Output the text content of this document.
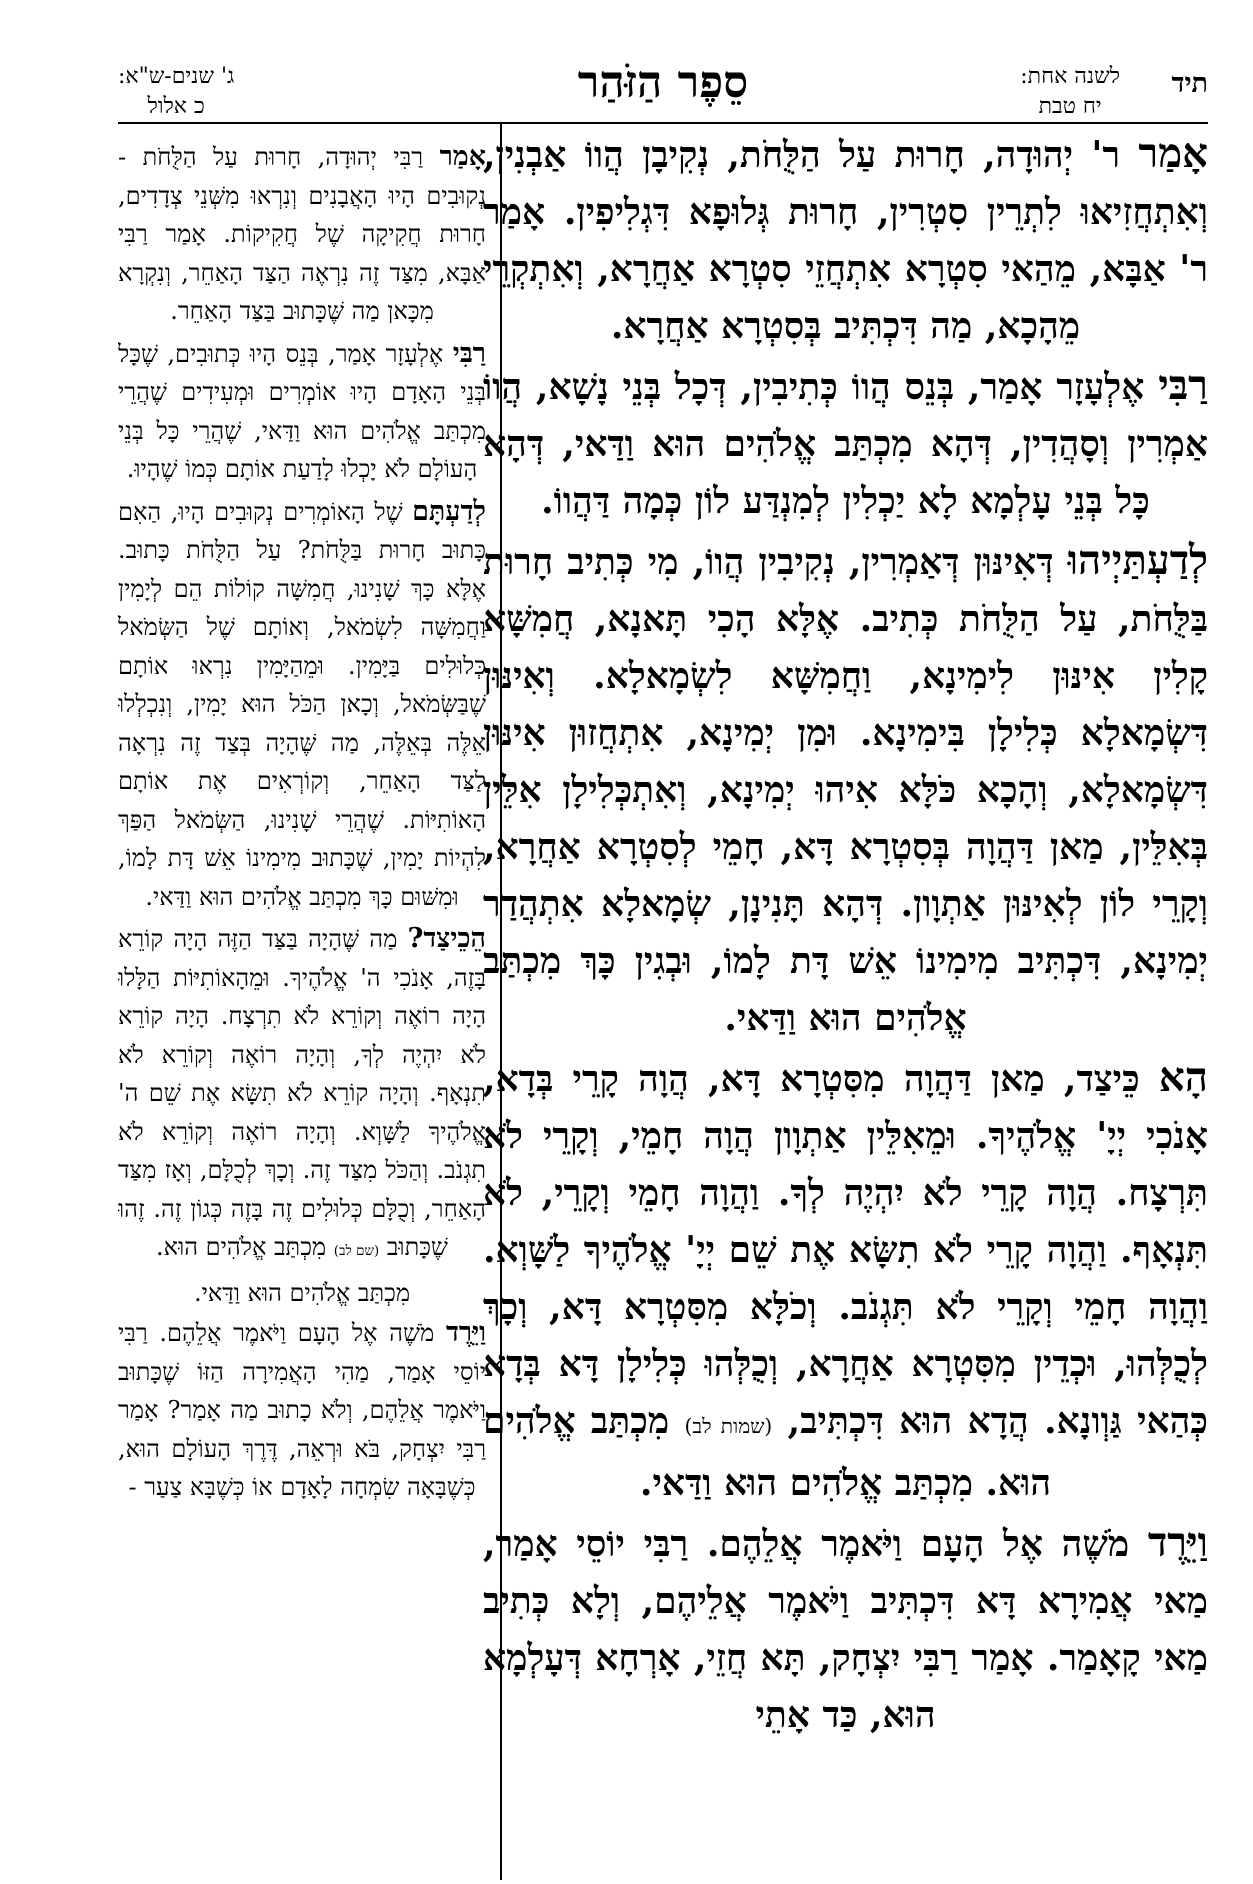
תיד
לשנה אחת:
יח טבת
סֵפֶר הַזֹּהַר
ג' שנים-ש"א:
כ אלול

אָמַר ר' יְהוּדָה, חָרוּת עַל הַלֻּחֹת, נְקִיבָן הֲווֹ אַבְנִין, וְאִתְחֲזִיאוּ לִתְרֵין סִטְרִין, חָרוּת גְּלוּפָא דִּגְלִיפִין. אָמַר ר' אַבָּא, מֵהַאי סִטְרָא אִתְחֲזֵי סִטְרָא אַחֲרָא, וְאִתְקְרֵי מֵהָכָא, מַה דִּכְתִּיב בְּסִטְרָא אַחֲרָא.

רַבִּי אֶלְעָזָר אָמַר, בְּנֵס הֲווֹ כְּתִיבִין, דְּכָל בְּנֵי נָשָׁא, הֲווֹ אַמְרִין וְסָהֲדִין, דְּהָא מִכְתַּב אֱלֹהִים הוּא וַדַּאי, דְּהָא כָּל בְּנֵי עָלְמָא לָא יַכְלִין לְמִנְדַּע לוֹן כְּמָה דַּהֲווֹ.

לְדַעְתַּיְיהוּ דְּאִינּוּן דְּאַמְרִין, נְקִיבִין הֲווֹ, מִי כְּתִיב חָרוּת בַּלֻּחֹת, עַל הַלֻּחֹת כְּתִיב. אֶלָּא הָכִי תָּאנָא, חֲמִשָּׁא קָלִין אִינּוּן לִימִינָא, וַחֲמִשָּׁא לִשְׂמָאלָא. וְאִינּוּן דִּשְׂמָאלָא כְּלִילָן בִּימִינָא. וּמִן יְמִינָא, אִתְחֲזוּן אִינּוּן דִּשְׂמָאלָא, וְהָכָא כֹּלָּא אִיהוּ יְמִינָא, וְאִתְכְּלִילָן אִלֵּין בְּאִלֵּין, מַאן דַּהֲוָה בְּסִטְרָא דָּא, חָמֵי לְסִטְרָא אַחֲרָא, וְקָרֵי לוֹן לְאִינּוּן אַתְוָון. דְּהָא תָּנִינָן, שְׂמָאלָא אִתְהֲדַר יְמִינָא, דִּכְתִּיב מִימִינוֹ אֵשׁ דָּת לָמוֹ, וּבְגִין כָּךְ מִכְתַּב אֱלֹהִים הוּא וַדַּאי.

הָא כֵּיצַד, מַאן דַּהֲוָה מִסִּטְרָא דָּא, הֲוָה קָרֵי בְּדָא, אָנֹכִי יְיָ' אֱלֹהֶיךָ. וּמֵאִלֵּין אַתְוָון הֲוָה חָמֵי, וְקָרֵי לֹא תִּרְצָח. הֲוָה קָרֵי לֹא יִהְיֶה לְךָ. וַהֲוָה חָמֵי וְקָרֵי, לֹא תִּנְאָף. וַהֲוָה קָרֵי לֹא תִשָּׂא אֶת שֵׁם יְיָ' אֱלֹהֶיךָ לַשָּׁוְא. וַהֲוָה חָמֵי וְקָרֵי לֹא תִּגְנֹב. וְכֹלָּא מִסִּטְרָא דָּא, וְכָךְ לְכֻלְּהוּ, וּכְדֵין מִסִּטְרָא אַחֲרָא, וְכֻלְּהוּ כְּלִילָן דָּא בְּדָא כְּהַאי גַּוְונָא. הֲדָא הוּא דִּכְתִּיב, (שמות לב) מִכְתַּב אֱלֹהִים הוּא. מִכְתַּב אֱלֹהִים הוּא וַדַּאי.

וַיֵּרֶד מֹשֶׁה אֶל הָעָם וַיֹּאמֶר אֲלֵהֶם. רַבִּי יוֹסֵי אָמַר, מַאי אֲמִירָא דָּא דִּכְתִּיב וַיֹּאמֶר אֲלֵיהֶם, וְלָא כְּתִיב מַאי קָאָמַר. אָמַר רַבִּי יִצְחָק, תָּא חֲזֵי, אָרְחָא דְּעָלְמָא הוּא, כַּד אָתֵי

אָמַר רַבִּי יְהוּדָה, חָרוּת עַל הַלֻּחֹת - נְקוּבִים הָיוּ הָאֲבָנִים וְנִרְאוּ מִשְּׁנֵי צְדָדִים, חָרוּת חֲקִיקָה שֶׁל חֲקִיקוֹת. אָמַר רַבִּי אַבָּא, מִצַּד זֶה נִרְאֶה הַצַּד הָאַחֵר, וְנִקְרָא מִכָּאן מַה שֶּׁכָּתוּב בַּצַּד הָאַחֵר.

רַבִּי אֶלְעָזָר אָמַר, בְּנֵס הָיוּ כְּתוּבִים, שֶׁכָּל בְּנֵי הָאָדָם הָיוּ אוֹמְרִים וּמְעִידִים שֶׁהֲרֵי מִכְתַּב אֱלֹהִים הוּא וַדַּאי, שֶׁהֲרֵי כָּל בְּנֵי הָעוֹלָם לֹא יָכְלוּ לָדַעַת אוֹתָם כְּמוֹ שֶׁהָיוּ.

לְדַעְתָּם שֶׁל הָאוֹמְרִים נְקוּבִים הָיוּ, הַאִם כָּתוּב חָרוּת בַּלֻּחֹת? עַל הַלֻּחֹת כָּתוּב. אֶלָּא כָּךְ שָׁנִינוּ, חֲמִשָּׁה קוֹלוֹת הֵם לְיָמִין וַחֲמִשָּׁה לִשְׂמֹאל, וְאוֹתָם שֶׁל הַשְּׂמֹאל כְּלוּלִים בַּיָּמִין. וּמֵהַיָּמִין נִרְאוּ אוֹתָם שֶׁבַּשְּׂמֹאל, וְכָאן הַכֹּל הוּא יָמִין, וְנִכְלְלוּ אֵלֶּה בְּאֵלֶּה, מַה שֶּׁהָיָה בְּצַד זֶה נִרְאָה לַצַּד הָאַחֵר, וְקוֹרְאִים אֶת אוֹתָם הָאוֹתִיּוֹת. שֶׁהֲרֵי שָׁנִינוּ, הַשְּׂמֹאל הַפַּךְ לִהְיוֹת יָמִין, שֶׁכָּתוּב מִימִינוֹ אֵשׁ דָּת לָמוֹ, וּמִשּׁוּם כָּךְ מִכְתַּב אֱלֹהִים הוּא וַדַּאי.

הֵכֵיצַד? מַה שֶּׁהָיָה בַּצַּד הַזֶּה הָיָה קוֹרֵא בָּזֶה, אָנֹכִי ה' אֱלֹהֶיךָ. וּמֵהָאוֹתִיּוֹת הַלָּלוּ הָיָה רוֹאֶה וְקוֹרֵא לֹא תִרְצָח. הָיָה קוֹרֵא לֹא יִהְיֶה לְךָ, וְהָיָה רוֹאֶה וְקוֹרֵא לֹא תִנְאָף. וְהָיָה קוֹרֵא לֹא תִשָּׂא אֶת שֵׁם ה' אֱלֹהֶיךָ לַשָּׁוְא. וְהָיָה רוֹאֶה וְקוֹרֵא לֹא תִגְנֹב. וְהַכֹּל מִצַּד זֶה. וְכָךְ לְכֻלָּם, וְאָז מִצַּד הָאַחֵר, וְכֻלָּם כְּלוּלִים זֶה בָּזֶה כְּגוֹן זֶה. זֶהוּ שֶׁכָּתוּב (שם לב) מִכְתַּב אֱלֹהִים הוּא.

מִכְתַּב אֱלֹהִים הוּא וַדַּאי.

וַיֵּרֶד מֹשֶׁה אֶל הָעָם וַיֹּאמֶר אֲלֵהֶם. רַבִּי יוֹסֵי אָמַר, מַהִי הָאֲמִירָה הַזּוֹ שֶׁכָּתוּב וַיֹּאמֶר אֲלֵהֶם, וְלֹא כָתוּב מַה אָמַר? אָמַר רַבִּי יִצְחָק, בֹּא וּרְאֵה, דֶּרֶךְ הָעוֹלָם הוּא, כְּשֶׁבָּאָה שִׂמְחָה לָאָדָם אוֹ כְּשֶׁבָּא צַעַר -
